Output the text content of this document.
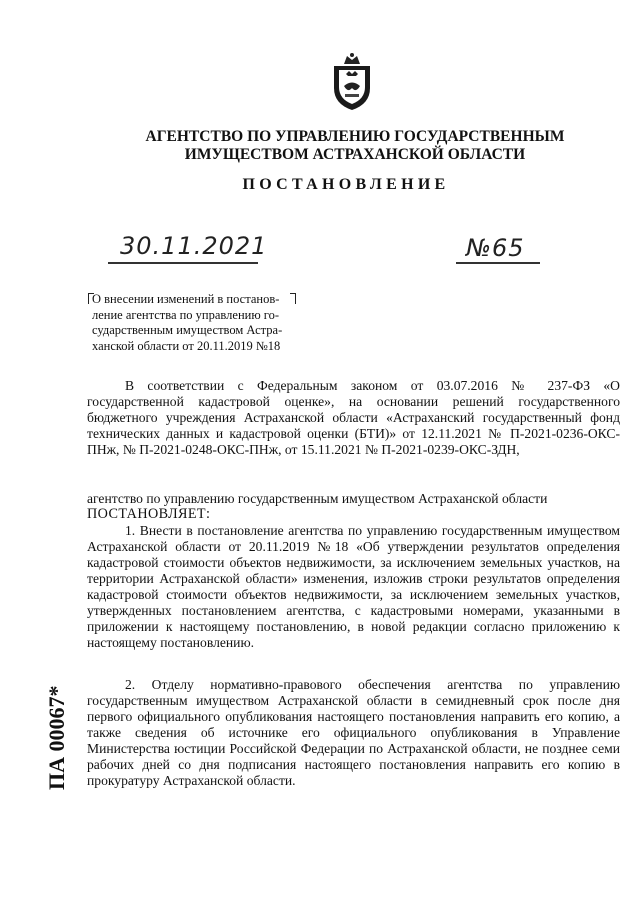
АГЕНТСТВО ПО УПРАВЛЕНИЮ ГОСУДАРСТВЕННЫМ
ИМУЩЕСТВОМ АСТРАХАНСКОЙ ОБЛАСТИ
ПОСТАНОВЛЕНИЕ
30.11.2021	№65
О внесении изменений в постанов-
ление агентства по управлению го-
сударственным имуществом Астра-
ханской области от 20.11.2019 №18
ПА 00067*
В соответствии с Федеральным законом от 03.07.2016 № 237-ФЗ «О государственной кадастровой оценке», на основании решений государственного бюджетного учреждения Астраханской области «Астраханский государственный фонд технических данных и кадастровой оценки (БТИ)» от 12.11.2021 № П-2021-0236-ОКС-ПНж, № П-2021-0248-ОКС-ПНж, от 15.11.2021 № П-2021-0239-ОКС-ЗДН,
агентство по управлению государственным имуществом Астраханской области
ПОСТАНОВЛЯЕТ:
1. Внести в постановление агентства по управлению государственным имуществом Астраханской области от 20.11.2019 №18 «Об утверждении результатов определения кадастровой стоимости объектов недвижимости, за исключением земельных участков, на территории Астраханской области» изменения, изложив строки результатов определения кадастровой стоимости объектов недвижимости, за исключением земельных участков, утвержденных постановлением агентства, с кадастровыми номерами, указанными в приложении к настоящему постановлению, в новой редакции согласно приложению к настоящему постановлению.
2. Отделу нормативно-правового обеспечения агентства по управлению государственным имуществом Астраханской области в семидневный срок после дня первого официального опубликования настоящего постановления направить его копию, а также сведения об источнике его официального опубликования в Управление Министерства юстиции Российской Федерации по Астраханской области, не позднее семи рабочих дней со дня подписания настоящего постановления направить его копию в прокуратуру Астраханской области.
